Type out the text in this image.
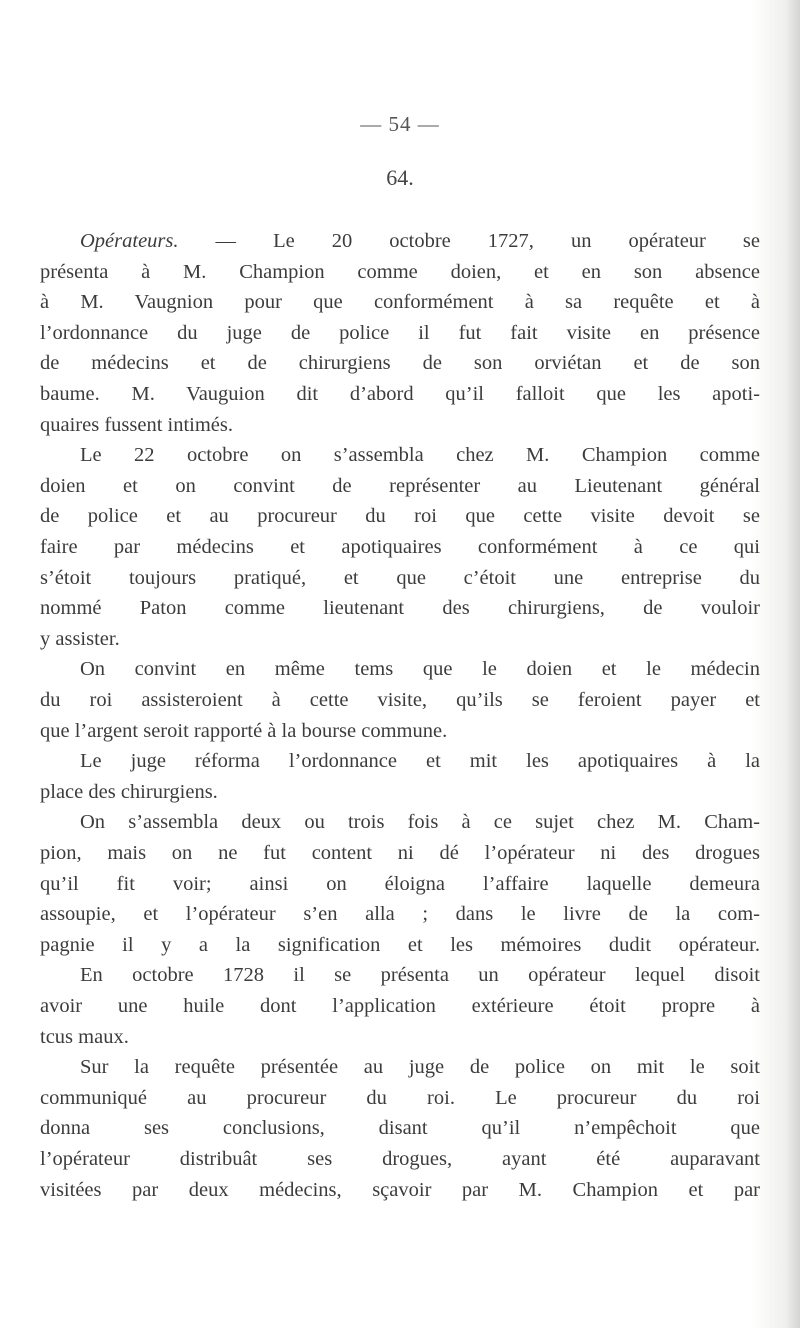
— 54 —
64.
Opérateurs. — Le 20 octobre 1727, un opérateur se
présenta à M. Champion comme doien, et en son absence
à M. Vaugnion pour que conformément à sa requête et à
l’ordonnance du juge de police il fut fait visite en présence
de médecins et de chirurgiens de son orviétan et de son
baume. M. Vauguion dit d’abord qu’il falloit que les apoti-
quaires fussent intimés.
Le 22 octobre on s’assembla chez M. Champion comme
doien et on convint de représenter au Lieutenant général
de police et au procureur du roi que cette visite devoit se
faire par médecins et apotiquaires conformément à ce qui
s’étoit toujours pratiqué, et que c’étoit une entreprise du
nommé Paton comme lieutenant des chirurgiens, de vouloir
y assister.
On convint en même tems que le doien et le médecin
du roi assisteroient à cette visite, qu’ils se feroient payer et
que l’argent seroit rapporté à la bourse commune.
Le juge réforma l’ordonnance et mit les apotiquaires à la
place des chirurgiens.
On s’assembla deux ou trois fois à ce sujet chez M. Cham-
pion, mais on ne fut content ni dé l’opérateur ni des drogues
qu’il fit voir; ainsi on éloigna l’affaire laquelle demeura
assoupie, et l’opérateur s’en alla ; dans le livre de la com-
pagnie il y a la signification et les mémoires dudit opérateur.
En octobre 1728 il se présenta un opérateur lequel disoit
avoir une huile dont l’application extérieure étoit propre à
tcus maux.
Sur la requête présentée au juge de police on mit le soit
communiqué au procureur du roi. Le procureur du roi
donna ses conclusions, disant qu’il n’empêchoit que
l’opérateur distribuât ses drogues, ayant été auparavant
visitées par deux médecins, sçavoir par M. Champion et par
